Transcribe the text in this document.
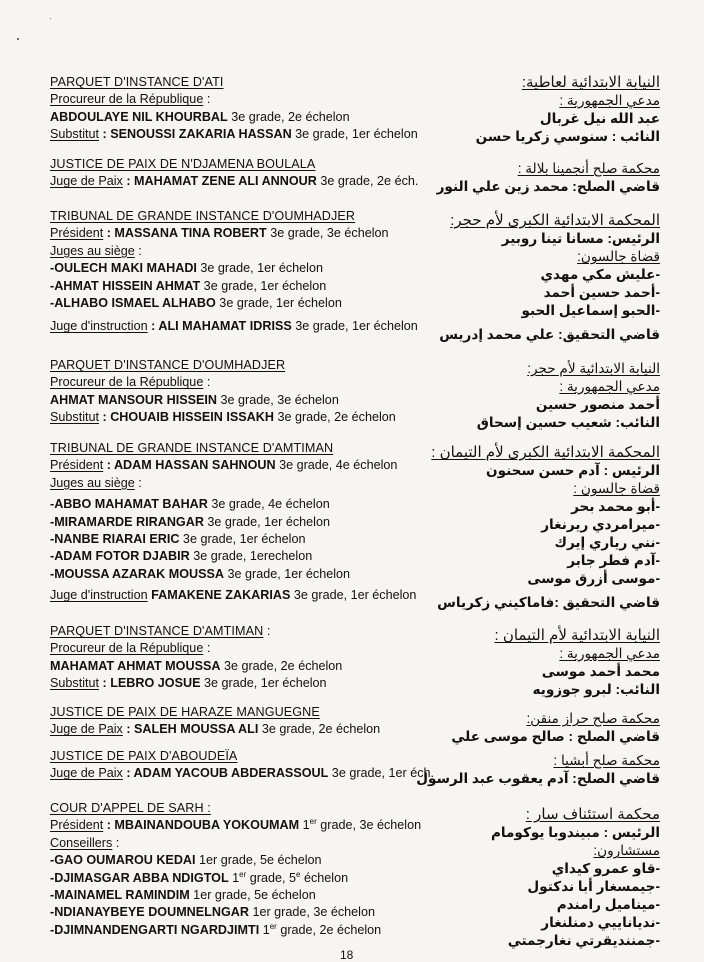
PARQUET D'INSTANCE D'ATI
Procureur de la République :
ABDOULAYE NIL KHOURBAL 3e grade, 2e échelon
Substitut : SENOUSSI ZAKARIA HASSAN 3e grade, 1er échelon
JUSTICE DE PAIX DE N'DJAMENA BOULALA
Juge de Paix : MAHAMAT ZENE ALI ANNOUR 3e grade, 2e éch.
TRIBUNAL DE GRANDE INSTANCE D'OUMHADJER
Président : MASSANA TINA ROBERT 3e grade, 3e échelon
Juges au siège :
-OULECH MAKI MAHADI 3e grade, 1er échelon
-AHMAT HISSEIN AHMAT 3e grade, 1er échelon
-ALHABO ISMAEL ALHABO 3e grade, 1er échelon
Juge d'instruction : ALI MAHAMAT IDRISS 3e grade, 1er échelon
PARQUET D'INSTANCE D'OUMHADJER
Procureur de la République :
AHMAT MANSOUR HISSEIN 3e grade, 3e échelon
Substitut : CHOUAIB HISSEIN ISSAKH 3e grade, 2e échelon
TRIBUNAL DE GRANDE INSTANCE D'AMTIMAN
Président : ADAM HASSAN SAHNOUN 3e grade, 4e échelon
Juges au siège :
-ABBO MAHAMAT BAHAR 3e grade, 4e échelon
-MIRAMARDE RIRANGAR 3e grade, 1er échelon
-NANBE RIARAI ERIC 3e grade, 1er échelon
-ADAM FOTOR DJABIR 3e grade, 1erechelon
-MOUSSA AZARAK MOUSSA 3e grade, 1er échelon
Juge d'instruction FAMAKENE ZAKARIAS 3e grade, 1er échelon
PARQUET D'INSTANCE D'AMTIMAN :
Procureur de la République :
MAHAMAT AHMAT MOUSSA 3e grade, 2e échelon
Substitut : LEBRO JOSUE 3e grade, 1er échelon
JUSTICE DE PAIX DE HARAZE MANGUEGNE
Juge de Paix : SALEH MOUSSA ALI 3e grade, 2e échelon
JUSTICE DE PAIX D'ABOUDEÏA
Juge de Paix : ADAM YACOUB ABDERASSOUL 3e grade, 1er éch.
COUR D'APPEL DE SARH :
Président : MBAINANDOUBA YOKOUMAM 1er grade, 3e échelon
Conseillers :
-GAO OUMAROU KEDAI 1er grade, 5e échelon
-DJIMASGAR ABBA NDIGTOL 1er grade, 5e échelon
-MAINAMEL RAMINDIM 1er grade, 5e échelon
-NDIANAYBEYE DOUMNELNGAR 1er grade, 3e échelon
-DJIMNANDENGARTI NGARDJIMTI 1er grade, 2e échelon
النيابة الابتدائية لعاطية:
مدعي الجمهورية :
عبد الله نيل غربال
النائب : سنوسي زكريا حسن
محكمة صلح أنجمينا بلالة :
قاضي الصلح: محمد زين علي النور
المحكمة الابتدائية الكبرى لأم حجر:
الرئيس: مسانا تينا روبير
قضاة جالسون:
-عليش مكي مهدي
-أحمد حسين أحمد
-الحبو إسماعيل الحبو
قاضي التحقيق: علي محمد إدريس
النيابة الابتدائية لأم حجر:
مدعي الجمهورية :
أحمد منصور حسين
النائب: شعيب حسين إسحاق
المحكمة الابتدائية الكبرى لأم التيمان :
الرئيس : آدم حسن سحنون
قضاة جالسون :
-أبو محمد بحر
-ميرامردي ريرنغار
-نني رياري إيرك
-آدم فطر جابر
-موسى أزرق موسى
قاضي التحقيق :فاماكيني زكرياس
النيابة الابتدائية لأم التيمان :
مدعي الجمهورية :
محمد أحمد موسى
النائب: لبرو جوزويه
محكمة صلح حراز منقن:
قاضي الصلح : صالح موسى علي
محكمة صلح أبشيا :
قاضي الصلح: آدم يعقوب عبد الرسول
محكمة استئناف سار :
الرئيس : مبيندوبا يوكومام
مستشارون:
-قاو عمرو كيداي
-جيمسغار أبا ندكتول
-ميناميل رامندم
-ندياناييي دمنلنغار
-جمننديقرتي نغارجمتي
18
